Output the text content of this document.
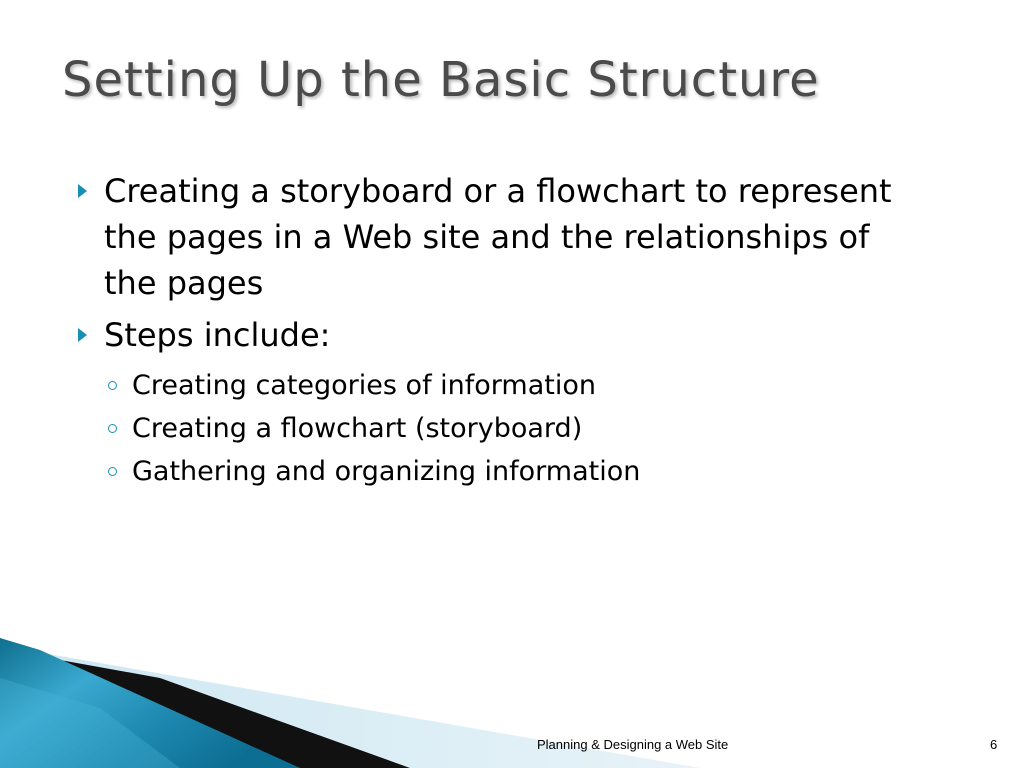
Setting Up the Basic Structure
Creating a storyboard or a flowchart to represent the pages in a Web site and the relationships of the pages
Steps include:
Creating categories of information
Creating a flowchart (storyboard)
Gathering and organizing information
Planning & Designing a Web Site	6
